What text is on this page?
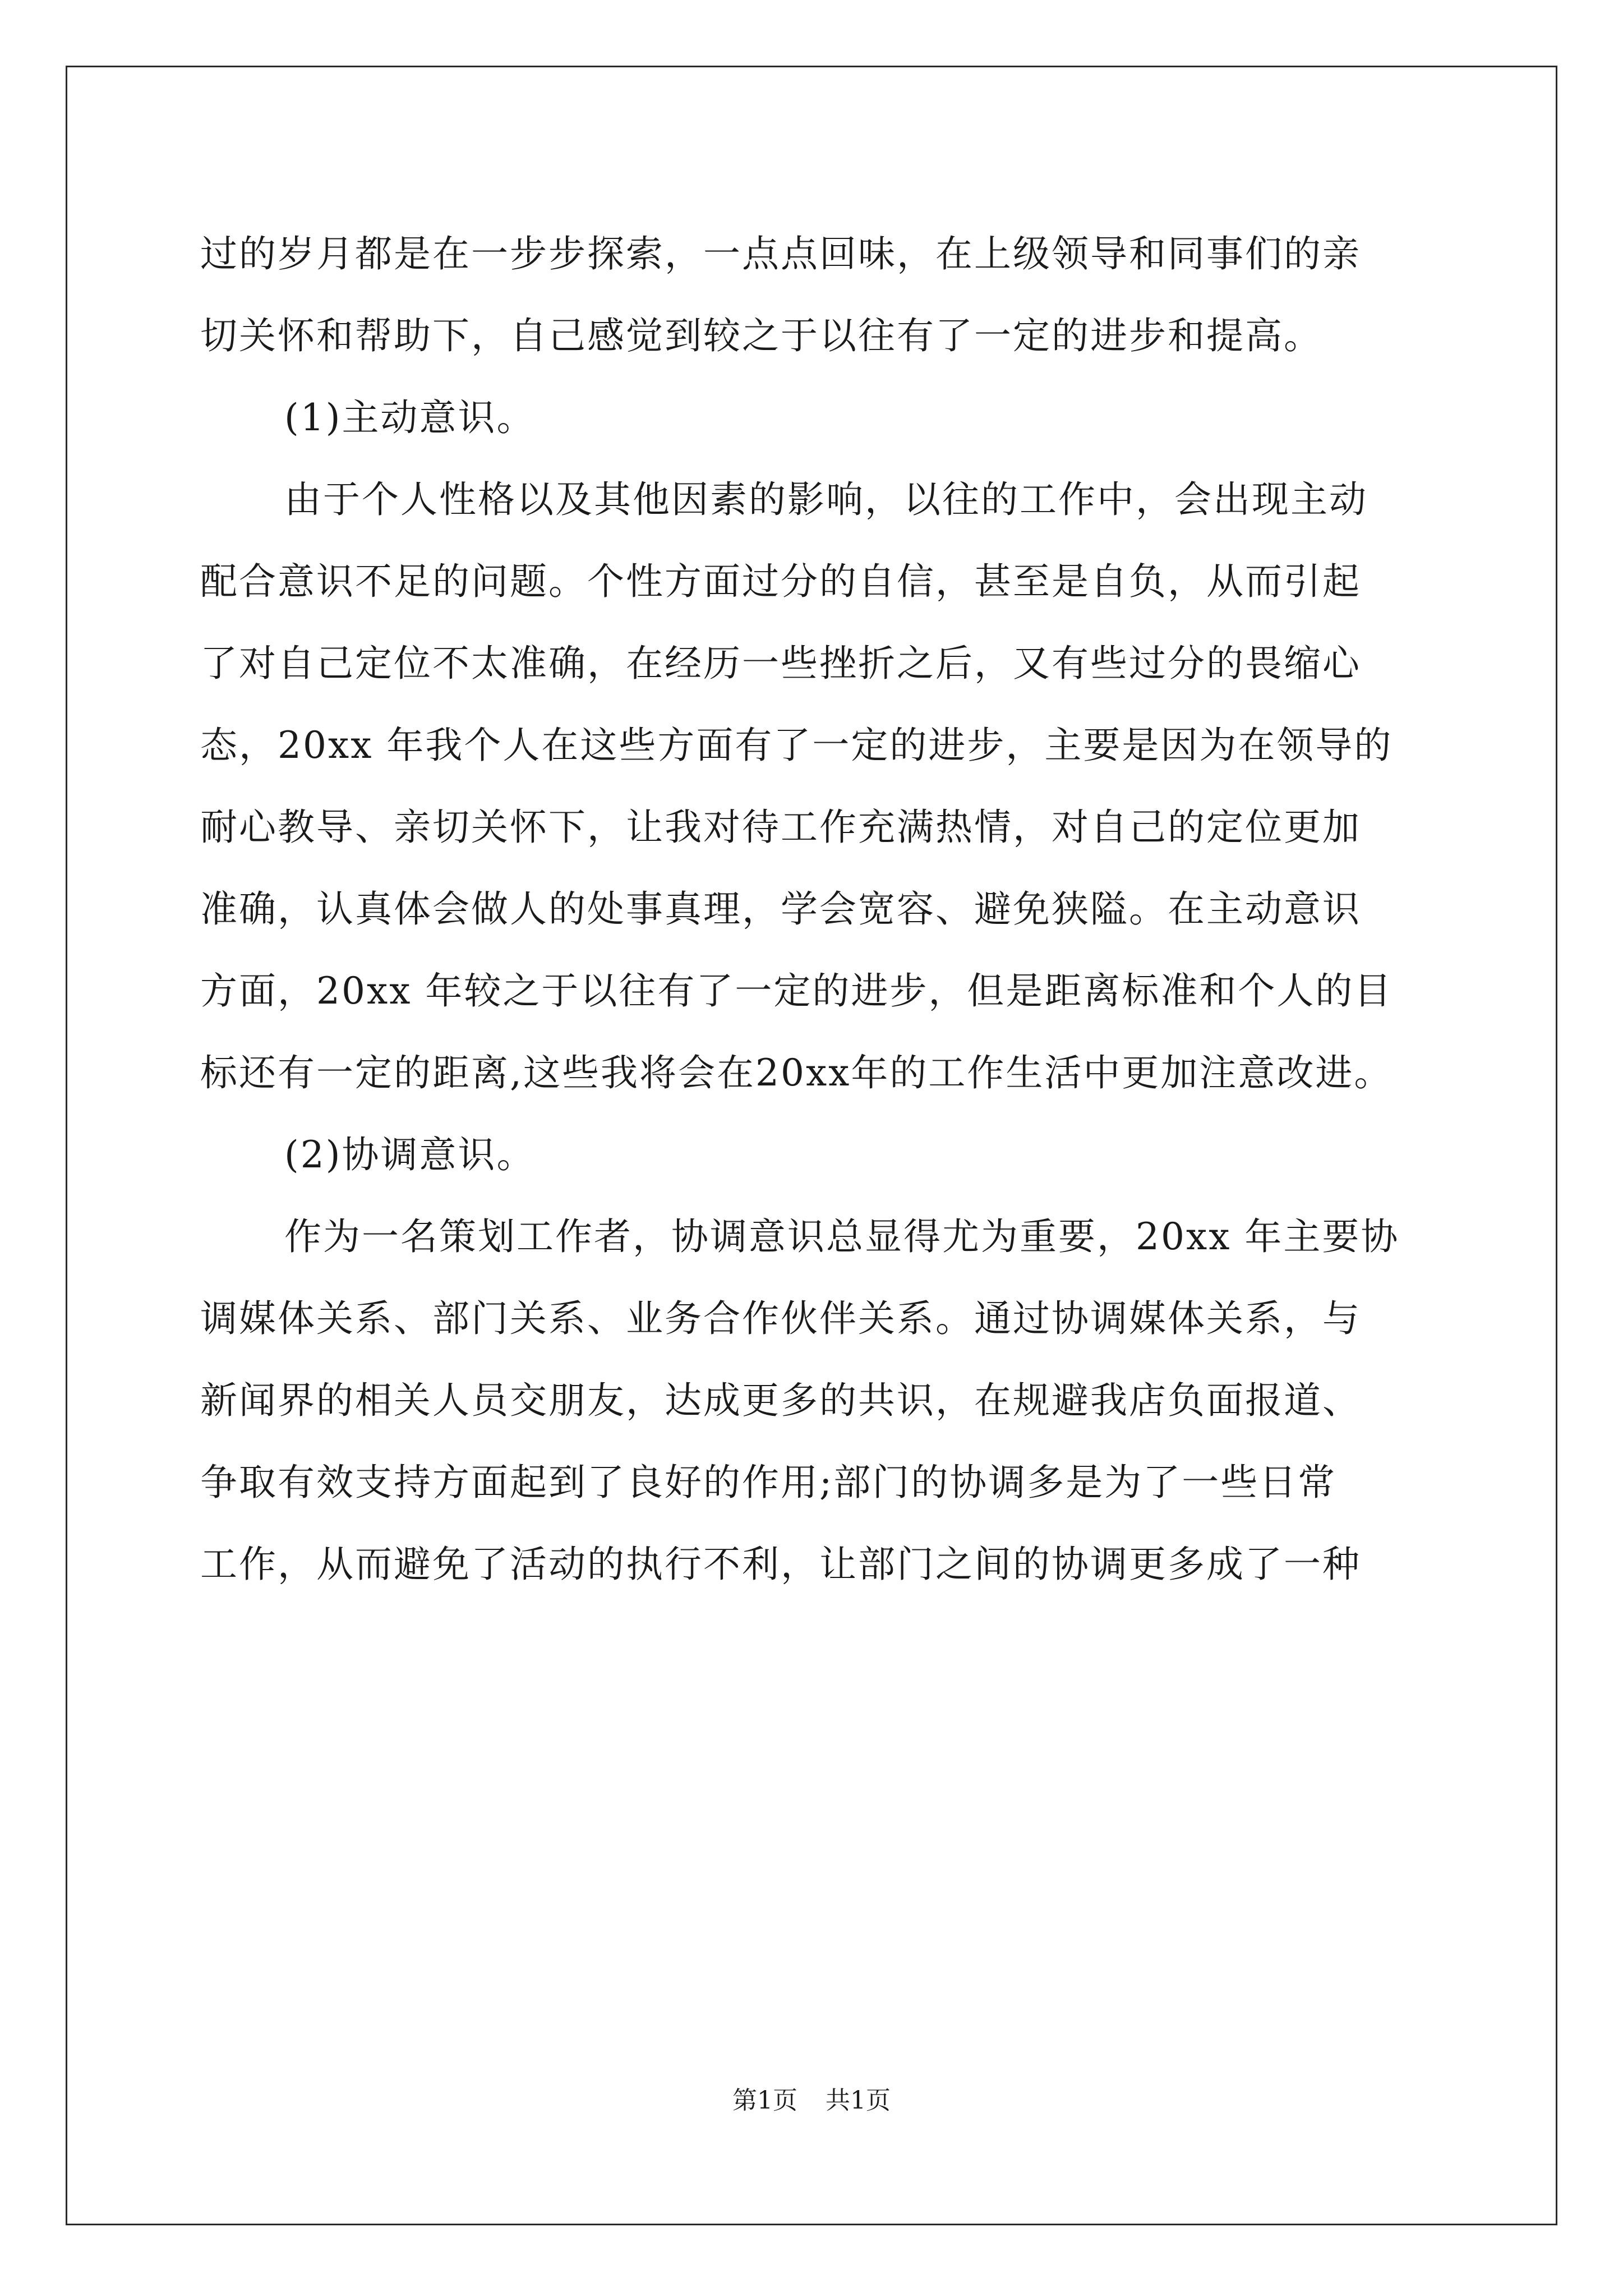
过的岁月都是在一步步探索，一点点回味，在上级领导和同事们的亲
切关怀和帮助下，自己感觉到较之于以往有了一定的进步和提高。
(1)主动意识。
由于个人性格以及其他因素的影响，以往的工作中，会出现主动
配合意识不足的问题。个性方面过分的自信，甚至是自负，从而引起
了对自己定位不太准确，在经历一些挫折之后，又有些过分的畏缩心
态，20xx 年我个人在这些方面有了一定的进步，主要是因为在领导的
耐心教导、亲切关怀下，让我对待工作充满热情，对自己的定位更加
准确，认真体会做人的处事真理，学会宽容、避免狭隘。在主动意识
方面，20xx 年较之于以往有了一定的进步，但是距离标准和个人的目
标还有一定的距离,这些我将会在20xx年的工作生活中更加注意改进。
(2)协调意识。
作为一名策划工作者，协调意识总显得尤为重要，20xx 年主要协
调媒体关系、部门关系、业务合作伙伴关系。通过协调媒体关系，与
新闻界的相关人员交朋友，达成更多的共识，在规避我店负面报道、
争取有效支持方面起到了良好的作用;部门的协调多是为了一些日常
工作，从而避免了活动的执行不利，让部门之间的协调更多成了一种
第1页 共1页
